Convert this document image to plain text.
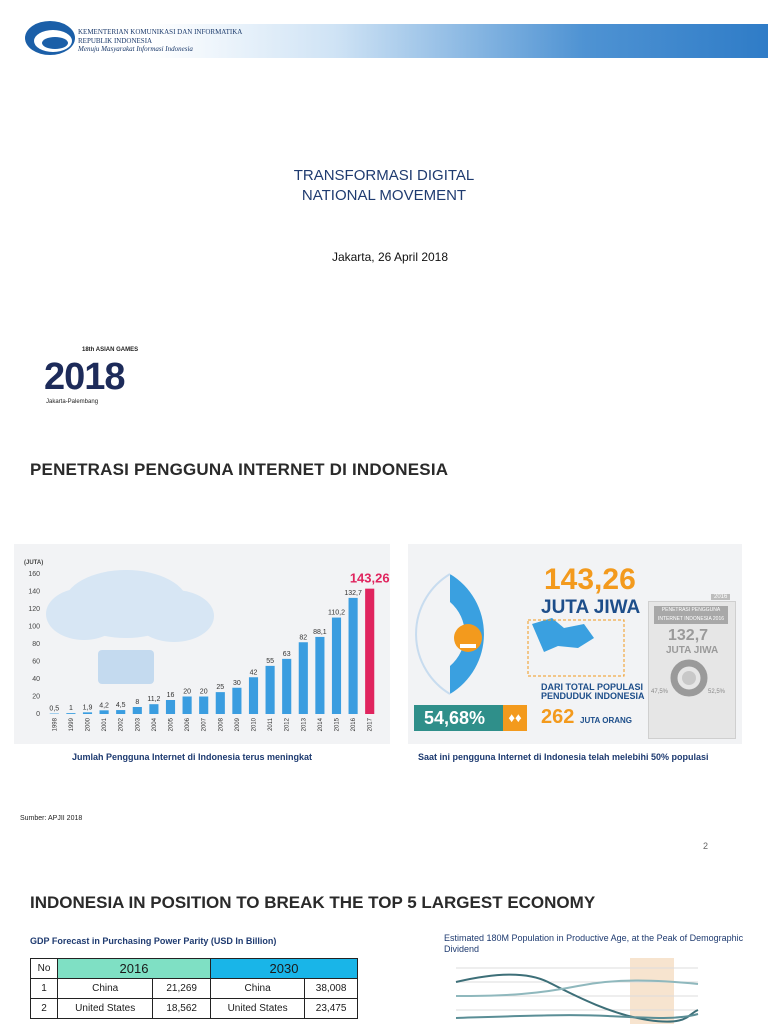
KEMENTERIAN KOMUNIKASI DAN INFORMATIKA
REPUBLIK INDONESIA
Menuju Masyarakat Informasi Indonesia
TRANSFORMASI DIGITAL
NATIONAL MOVEMENT
Jakarta, 26 April 2018
18th ASIAN GAMES
2018
Jakarta-Palembang
PENETRASI PENGGUNA INTERNET DI INDONESIA
(JUTA)
0
20
40
60
80
100
120
140
160
0,5 1 1,9 4,2 4,5 8 11,2
16 20 20
25
30
42
55
63
82
88,1
110,2
132,7
143,26
1998 1999 2000 2001 2002 2003 2004 2005 2006 2007 2008 2009 2010 2011 2012 2013 2014 2015 2016 2017
143,26
JUTA JIWA
54,68%	♦♦
DARI TOTAL POPULASI
PENDUDUK INDONESIA
262 JUTA ORANG
2016
PENETRASI PENGGUNA INTERNET INDONESIA 2016
132,7
JUTA JIWA
47,5%	52,5%
Jumlah Pengguna Internet di Indonesia terus meningkat	Saat ini pengguna Internet di Indonesia telah melebihi 50% populasi
Sumber: APJII 2018
2
INDONESIA IN POSITION TO BREAK THE TOP 5 LARGEST ECONOMY
GDP Forecast in Purchasing Power Parity (USD In Billion)
No	2016		2030	
1	China	21,269	China	38,008
2	United States	18,562	United States	23,475
Estimated 180M Population in Productive Age, at the Peak of Demographic Dividend
